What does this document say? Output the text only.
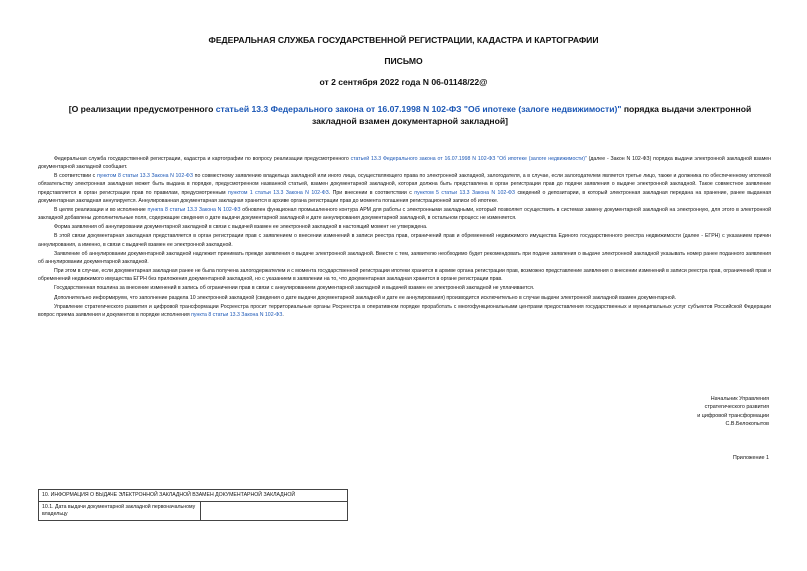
ФЕДЕРАЛЬНАЯ СЛУЖБА ГОСУДАРСТВЕННОЙ РЕГИСТРАЦИИ, КАДАСТРА И КАРТОГРАФИИ
ПИСЬМО
от 2 сентября 2022 года N 06-01148/22@
[О реализации предусмотренного статьей 13.3 Федерального закона от 16.07.1998 N 102-ФЗ "Об ипотеке (залоге недвижимости)" порядка выдачи электронной закладной взамен документарной закладной]

Федеральная служба государственной регистрации, кадастра и картографии по вопросу реализации предусмотренного статьей 13.3 Федерального закона от 16.07.1998 N 102-ФЗ "Об ипотеке (залоге недвижимости)" (далее - Закон N 102-ФЗ) порядка выдачи электронной закладной взамен документарной закладной сообщает.

В соответствии с пунктом 8 статьи 13.3 Закона N 102-ФЗ по совместному заявлению владельца закладной или иного лица, осуществляющего права по электронной закладной, залогодателя, а в случае, если залогодателем является третье лицо, также и должника по обеспеченному ипотекой обязательству электронная закладная может быть выдана в порядке, предусмотренном названной статьей, взамен документарной закладной, которая должна быть представлена в орган регистрации прав до подачи заявления о выдаче электронной закладной. Такое совместное заявление представляется в орган регистрации прав по правилам, предусмотренным пунктом 1 статьи 13.3 Закона N 102-ФЗ. При внесении в соответствии с пунктом 5 статьи 13.3 Закона N 102-ФЗ сведений о депозитарии, в который электронная закладная передана на хранение, ранее выданная документарная закладная аннулируется. Аннулированная документарная закладная хранится в архиве органа регистрации прав до момента погашения регистрационной записи об ипотеке.

В целях реализации и во исполнение пункта 8 статьи 13.3 Закона N 102-ФЗ обновлен функционал промышленного контура АРМ для работы с электронными закладными, который позволяет осуществить в системах замену документарной закладной на электронную, для этого в электронной закладной добавлены дополнительные поля, содержащие сведения о дате выдачи документарной закладной и дате аннулирования документарной закладной, в остальном процесс не изменяется.

Форма заявления об аннулировании документарной закладной в связи с выдачей взамен ее электронной закладной в настоящий момент не утверждена.

В этой связи документарная закладная представляется в орган регистрации прав с заявлением о внесении изменений в записи реестра прав, ограничений прав и обременений недвижимого имущества Единого государственного реестра недвижимости (далее - ЕГРН) с указанием причин аннулирования, а именно, в связи с выдачей взамен ее электронной закладной.

Заявление об аннулировании документарной закладной надлежит принимать прежде заявления о выдаче электронной закладной. Вместе с тем, заявителю необходимо будет рекомендовать при подаче заявления о выдаче электронной закладной указывать номер ранее поданного заявления об аннулировании документарной закладной.

При этом в случае, если документарная закладная ранее не была получена залогодержателем и с момента государственной регистрации ипотеки хранится в архиве органа регистрации прав, возможно представление заявления о внесении изменений в записи реестра прав, ограничений прав и обременений недвижимого имущества ЕГРН без приложения документарной закладной, но с указанием в заявлении на то, что документарная закладная хранится в органе регистрации прав.

Государственная пошлина за внесение изменений в запись об ограничении прав в связи с аннулированием документарной закладной и выдачей взамен ее электронной закладной не уплачивается.

Дополнительно информируем, что заполнение раздела 10 электронной закладной (сведения о дате выдачи документарной закладной и дате ее аннулирования) производится исключительно в случае выдачи электронной закладной взамен документарной.

Управление стратегического развития и цифровой трансформации Росреестра просит территориальные органы Росреестра в оперативном порядке проработать с многофункциональными центрами предоставления государственных и муниципальных услуг субъектов Российской Федерации вопрос приема заявления и документов в порядке исполнения пункта 8 статьи 13.3 Закона N 102-ФЗ.

Начальник Управления
стратегического развития
и цифровой трансформации
С.В.Белокопытов
Приложение 1
10. ИНФОРМАЦИЯ О ВЫДАЧЕ ЭЛЕКТРОННОЙ ЗАКЛАДНОЙ ВЗАМЕН ДОКУМЕНТАРНОЙ ЗАКЛАДНОЙ
10.1. Дата выдачи документарной закладной первоначальному владельцу	
